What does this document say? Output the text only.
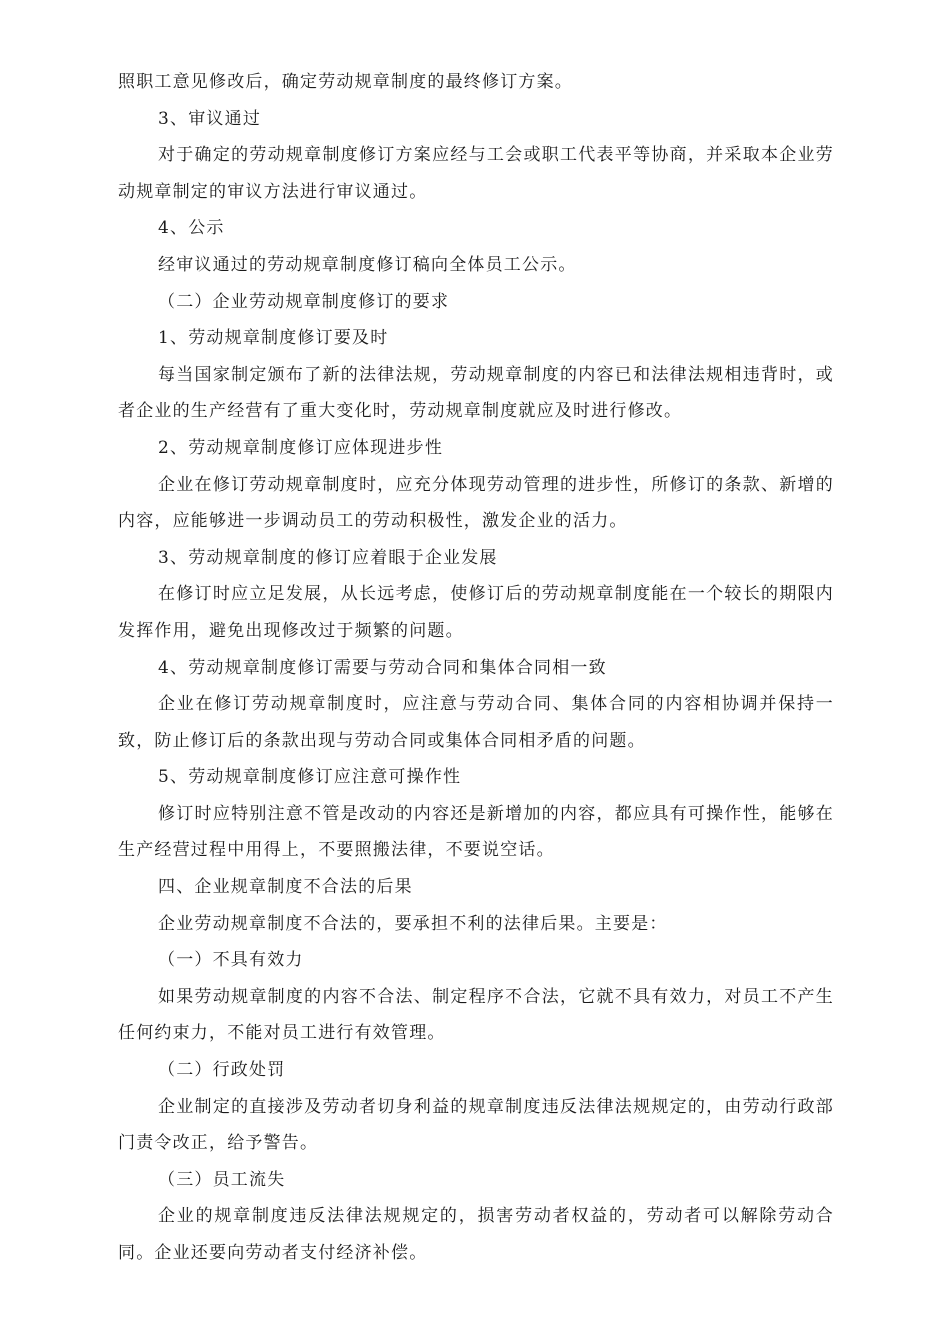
照职工意见修改后，确定劳动规章制度的最终修订方案。

3、审议通过

对于确定的劳动规章制度修订方案应经与工会或职工代表平等协商，并采取本企业劳动规章制定的审议方法进行审议通过。

4、公示

经审议通过的劳动规章制度修订稿向全体员工公示。

（二）企业劳动规章制度修订的要求

1、劳动规章制度修订要及时

每当国家制定颁布了新的法律法规，劳动规章制度的内容已和法律法规相违背时，或者企业的生产经营有了重大变化时，劳动规章制度就应及时进行修改。

2、劳动规章制度修订应体现进步性

企业在修订劳动规章制度时，应充分体现劳动管理的进步性，所修订的条款、新增的内容，应能够进一步调动员工的劳动积极性，激发企业的活力。

3、劳动规章制度的修订应着眼于企业发展

在修订时应立足发展，从长远考虑，使修订后的劳动规章制度能在一个较长的期限内发挥作用，避免出现修改过于频繁的问题。

4、劳动规章制度修订需要与劳动合同和集体合同相一致

企业在修订劳动规章制度时，应注意与劳动合同、集体合同的内容相协调并保持一致，防止修订后的条款出现与劳动合同或集体合同相矛盾的问题。

5、劳动规章制度修订应注意可操作性

修订时应特别注意不管是改动的内容还是新增加的内容，都应具有可操作性，能够在生产经营过程中用得上，不要照搬法律，不要说空话。

四、企业规章制度不合法的后果

企业劳动规章制度不合法的，要承担不利的法律后果。主要是：

（一）不具有效力

如果劳动规章制度的内容不合法、制定程序不合法，它就不具有效力，对员工不产生任何约束力，不能对员工进行有效管理。

（二）行政处罚

企业制定的直接涉及劳动者切身利益的规章制度违反法律法规规定的，由劳动行政部门责令改正，给予警告。

（三）员工流失

企业的规章制度违反法律法规规定的，损害劳动者权益的，劳动者可以解除劳动合同。企业还要向劳动者支付经济补偿。
